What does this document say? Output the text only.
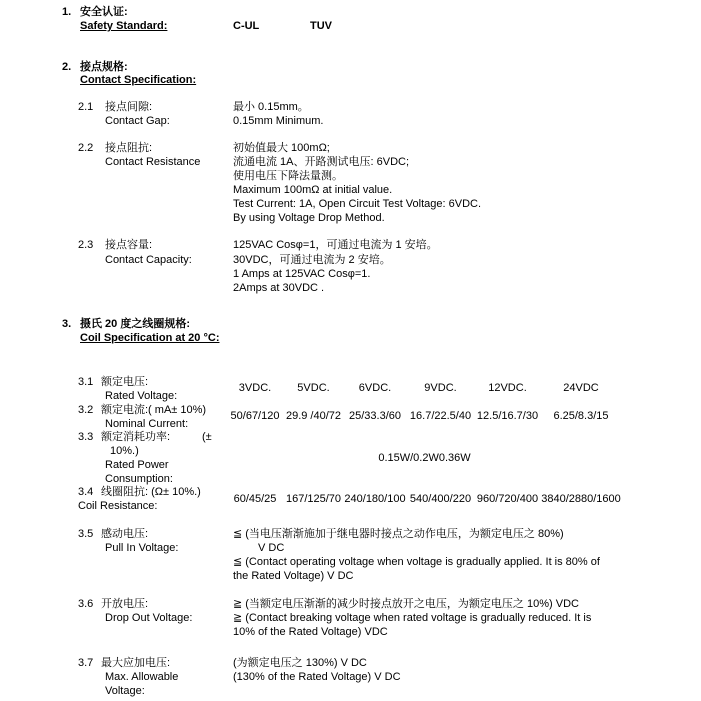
1. 安全认证:
Safety Standard:	C-UL	TUV
2. 接点规格:
Contact Specification:
2.1 接点间隙:
Contact Gap:
最小 0.15mm。
0.15mm Minimum.
2.2 接点阻抗:
Contact Resistance
初始值最大 100mΩ;
流通电流 1A、开路测试电压: 6VDC;
使用电压下降法量测。
Maximum 100mΩ at initial value.
Test Current: 1A, Open Circuit Test Voltage: 6VDC.
By using Voltage Drop Method.
2.3 接点容量:
Contact Capacity:
125VAC Cosφ=1，可通过电流为 1 安培。
30VDC，可通过电流为 2 安培。
1 Amps at 125VAC Cosφ=1.
2Amps at 30VDC .
3. 摄氏 20 度之线圈规格:
Coil Specification at 20 °C:
3.1 额定电压:
Rated Voltage:
3VDC.	5VDC.	6VDC.	9VDC.	12VDC.	24VDC
3.2 额定电流:( mA± 10%)
Nominal Current:
50/67/120 29.9 /40/72 25/33.3/60 16.7/22.5/40 12.5/16.7/30	6.25/8.3/15
3.3 额定消耗功率:	(±
10%.)
Rated Power
Consumption:
0.15W/0.2W0.36W
3.4 线圈阻抗: (Ω± 10%.)
Coil Resistance:
60/45/25 167/125/70 240/180/100 540/400/220 960/720/400 3840/2880/1600
3.5 感动电压:
Pull In Voltage:
≦ (当电压渐渐施加于继电器时接点之动作电压，为额定电压之 80%)
V DC
≦ (Contact operating voltage when voltage is gradually applied. It is 80% of
the Rated Voltage) V DC
3.6 开放电压:
Drop Out Voltage:
≧ (当额定电压渐渐的减少时接点放开之电压，为额定电压之 10%) VDC
≧ (Contact breaking voltage when rated voltage is gradually reduced. It is
10% of the Rated Voltage) VDC
3.7 最大应加电压:
Max. Allowable
Voltage:
(为额定电压之 130%) V DC
(130% of the Rated Voltage) V DC
